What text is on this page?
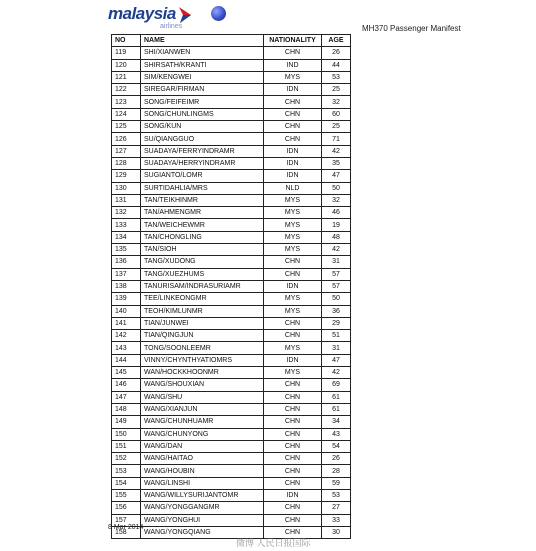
malaysia
airlines	MH370 Passenger Manifest
NO	NAME	NATIONALITY	AGE
119	SHI/XIANWEN	CHN	26
120	SHIRSATH/KRANTI	IND	44
121	SIM/KENGWEI	MYS	53
122	SIREGAR/FIRMAN	IDN	25
123	SONG/FEIFEIMR	CHN	32
124	SONG/CHUNLINGMS	CHN	60
125	SONG/KUN	CHN	25
126	SU/QIANGGUO	CHN	71
127	SUADAYA/FERRYINDRAMR	IDN	42
128	SUADAYA/HERRYINDRAMR	IDN	35
129	SUGIANTO/LOMR	IDN	47
130	SURTIDAHLIA/MRS	NLD	50
131	TAN/TEIKHINMR	MYS	32
132	TAN/AHMENGMR	MYS	46
133	TAN/WEICHEWMR	MYS	19
134	TAN/CHONGLING	MYS	48
135	TAN/SIOH	MYS	42
136	TANG/XUDONG	CHN	31
137	TANG/XUEZHUMS	CHN	57
138	TANURISAM/INDRASURIAMR	IDN	57
139	TEE/LINKEONGMR	MYS	50
140	TEOH/KIMLUNMR	MYS	36
141	TIAN/JUNWEI	CHN	29
142	TIAN/QINGJUN	CHN	51
143	TONG/SOONLEEMR	MYS	31
144	VINNY/CHYNTHYATIOMRS	IDN	47
145	WAN/HOCKKHOONMR	MYS	42
146	WANG/SHOUXIAN	CHN	69
147	WANG/SHU	CHN	61
148	WANG/XIANJUN	CHN	61
149	WANG/CHUNHUAMR	CHN	34
150	WANG/CHUNYONG	CHN	43
151	WANG/DAN	CHN	54
152	WANG/HAITAO	CHN	26
153	WANG/HOUBIN	CHN	28
154	WANG/LINSHI	CHN	59
155	WANG/WILLYSURIJANTOMR	IDN	53
156	WANG/YONGGANGMR	CHN	27
157	WANG/YONGHUI	CHN	33
158	WANG/YONGQIANG	CHN	30
8 Mar 2014
微博 人民日报国际
